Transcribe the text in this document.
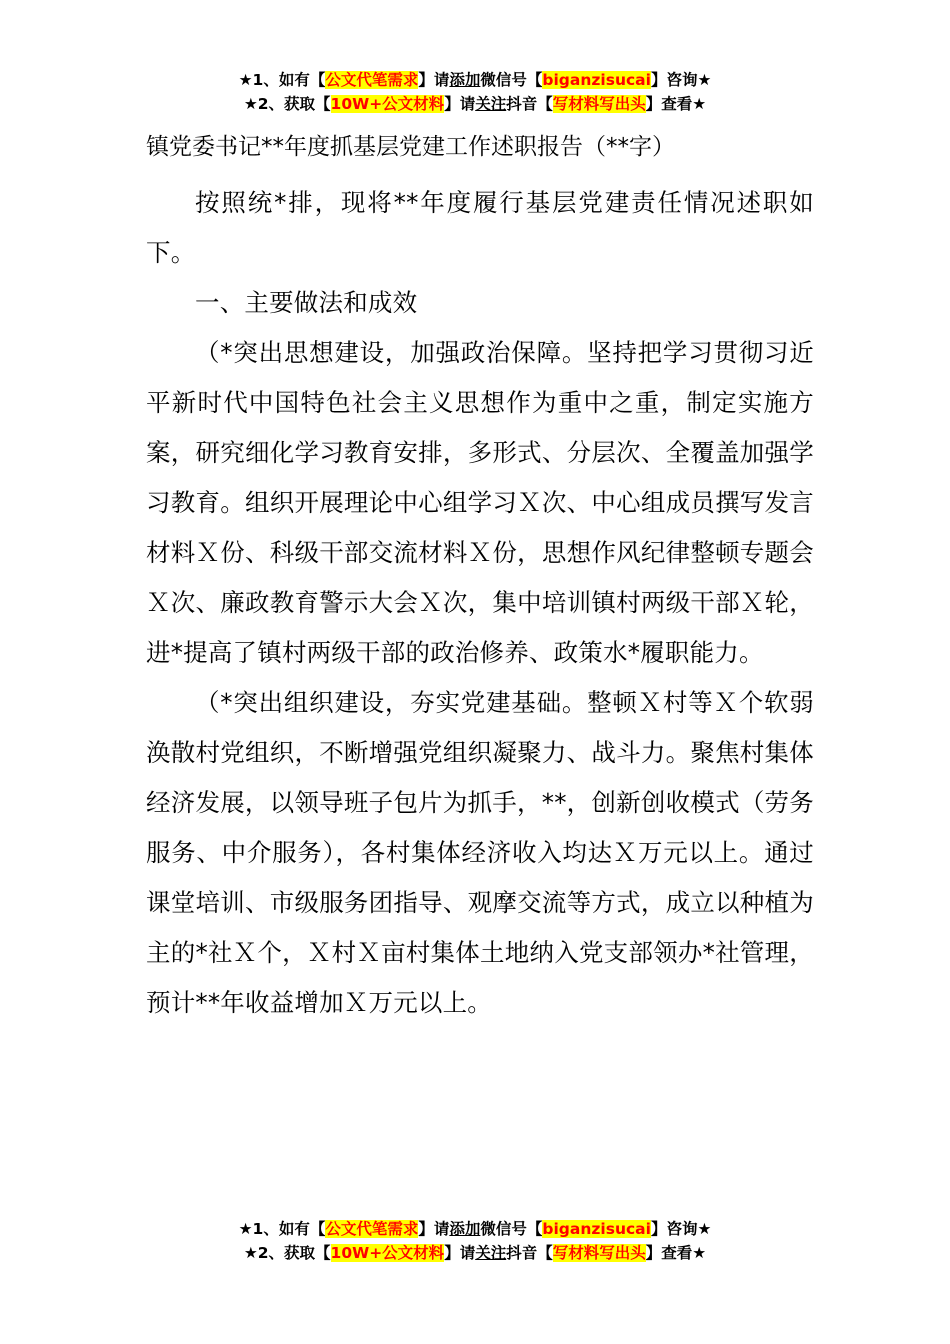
★1、如有【公文代笔需求】请添加微信号【biganzisucai】咨询★
★2、获取【10W+公文材料】请关注抖音【写材料写出头】查看★
镇党委书记**年度抓基层党建工作述职报告（**字）

按照统*排，现将**年度履行基层党建责任情况述职如下。

一、主要做法和成效

（*突出思想建设，加强政治保障。坚持把学习贯彻习近平新时代中国特色社会主义思想作为重中之重，制定实施方案，研究细化学习教育安排，多形式、分层次、全覆盖加强学习教育。组织开展理论中心组学习Ｘ次、中心组成员撰写发言材料Ｘ份、科级干部交流材料Ｘ份，思想作风纪律整顿专题会Ｘ次、廉政教育警示大会Ｘ次，集中培训镇村两级干部Ｘ轮，进*提高了镇村两级干部的政治修养、政策水*履职能力。

（*突出组织建设，夯实党建基础。整顿Ｘ村等Ｘ个软弱涣散村党组织，不断增强党组织凝聚力、战斗力。聚焦村集体经济发展，以领导班子包片为抓手，**，创新创收模式（劳务服务、中介服务），各村集体经济收入均达Ｘ万元以上。通过课堂培训、市级服务团指导、观摩交流等方式，成立以种植为主的*社Ｘ个，Ｘ村Ｘ亩村集体土地纳入党支部领办*社管理，预计**年收益增加Ｘ万元以上。

★1、如有【公文代笔需求】请添加微信号【biganzisucai】咨询★
★2、获取【10W+公文材料】请关注抖音【写材料写出头】查看★
